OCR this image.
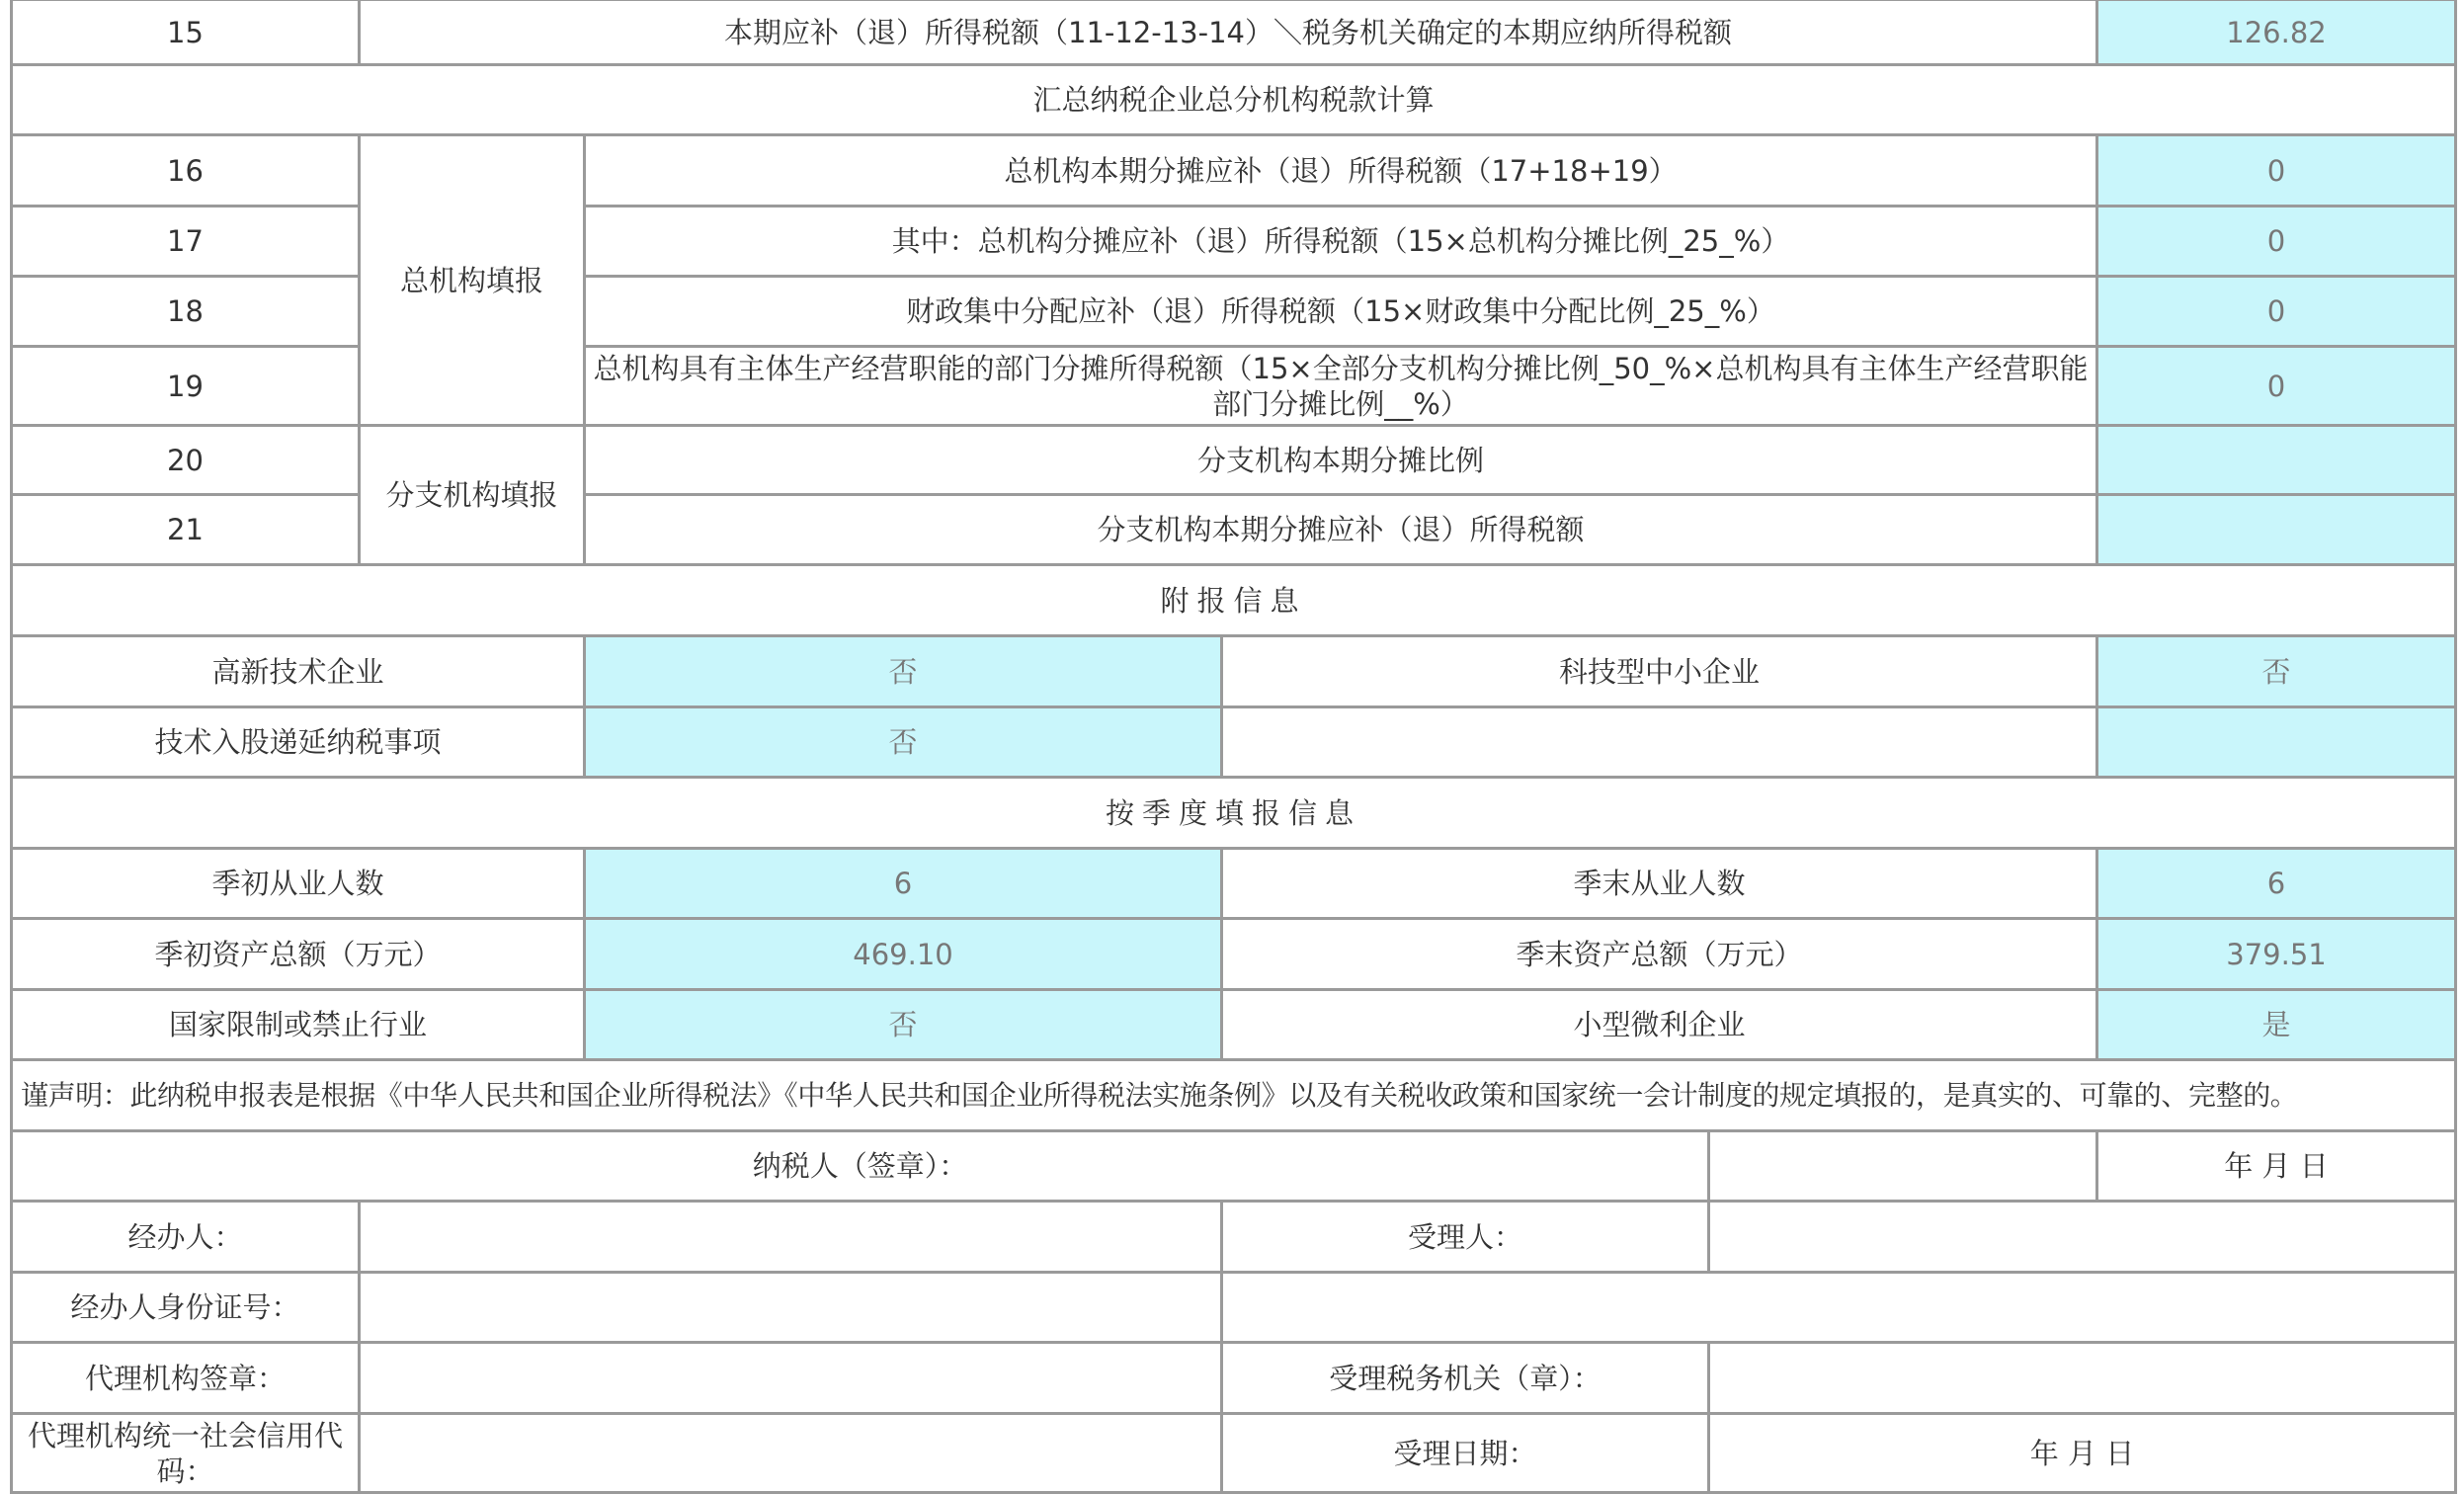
15	本期应补（退）所得税额（11-12-13-14）＼税务机关确定的本期应纳所得税额				126.82
汇总纳税企业总分机构税款计算					
16	总机构填报	总机构本期分摊应补（退）所得税额（17+18+19）			0
17		其中：总机构分摊应补（退）所得税额（15×总机构分摊比例_25_%）			0
18		财政集中分配应补（退）所得税额（15×财政集中分配比例_25_%）			0
19		总机构具有主体生产经营职能的部门分摊所得税额（15×全部分支机构分摊比例_50_%×总机构具有主体生产经营职能部门分摊比例__%）			0
20	分支机构填报	分支机构本期分摊比例			
21		分支机构本期分摊应补（退）所得税额			
附报信息					
高新技术企业		否	科技型中小企业		否
技术入股递延纳税事项		否			
按季度填报信息					
季初从业人数		6	季末从业人数		6
季初资产总额（万元）		469.10	季末资产总额（万元）		379.51
国家限制或禁止行业		否	小型微利企业		是
谨声明：此纳税申报表是根据《中华人民共和国企业所得税法》《中华人民共和国企业所得税法实施条例》以及有关税收政策和国家统一会计制度的规定填报的，是真实的、可靠的、完整的。					
纳税人（签章）：					年 月 日
经办人：			受理人：		
经办人身份证号：					
代理机构签章：			受理税务机关（章）：		
代理机构统一社会信用代码：			受理日期：	年 月 日	
